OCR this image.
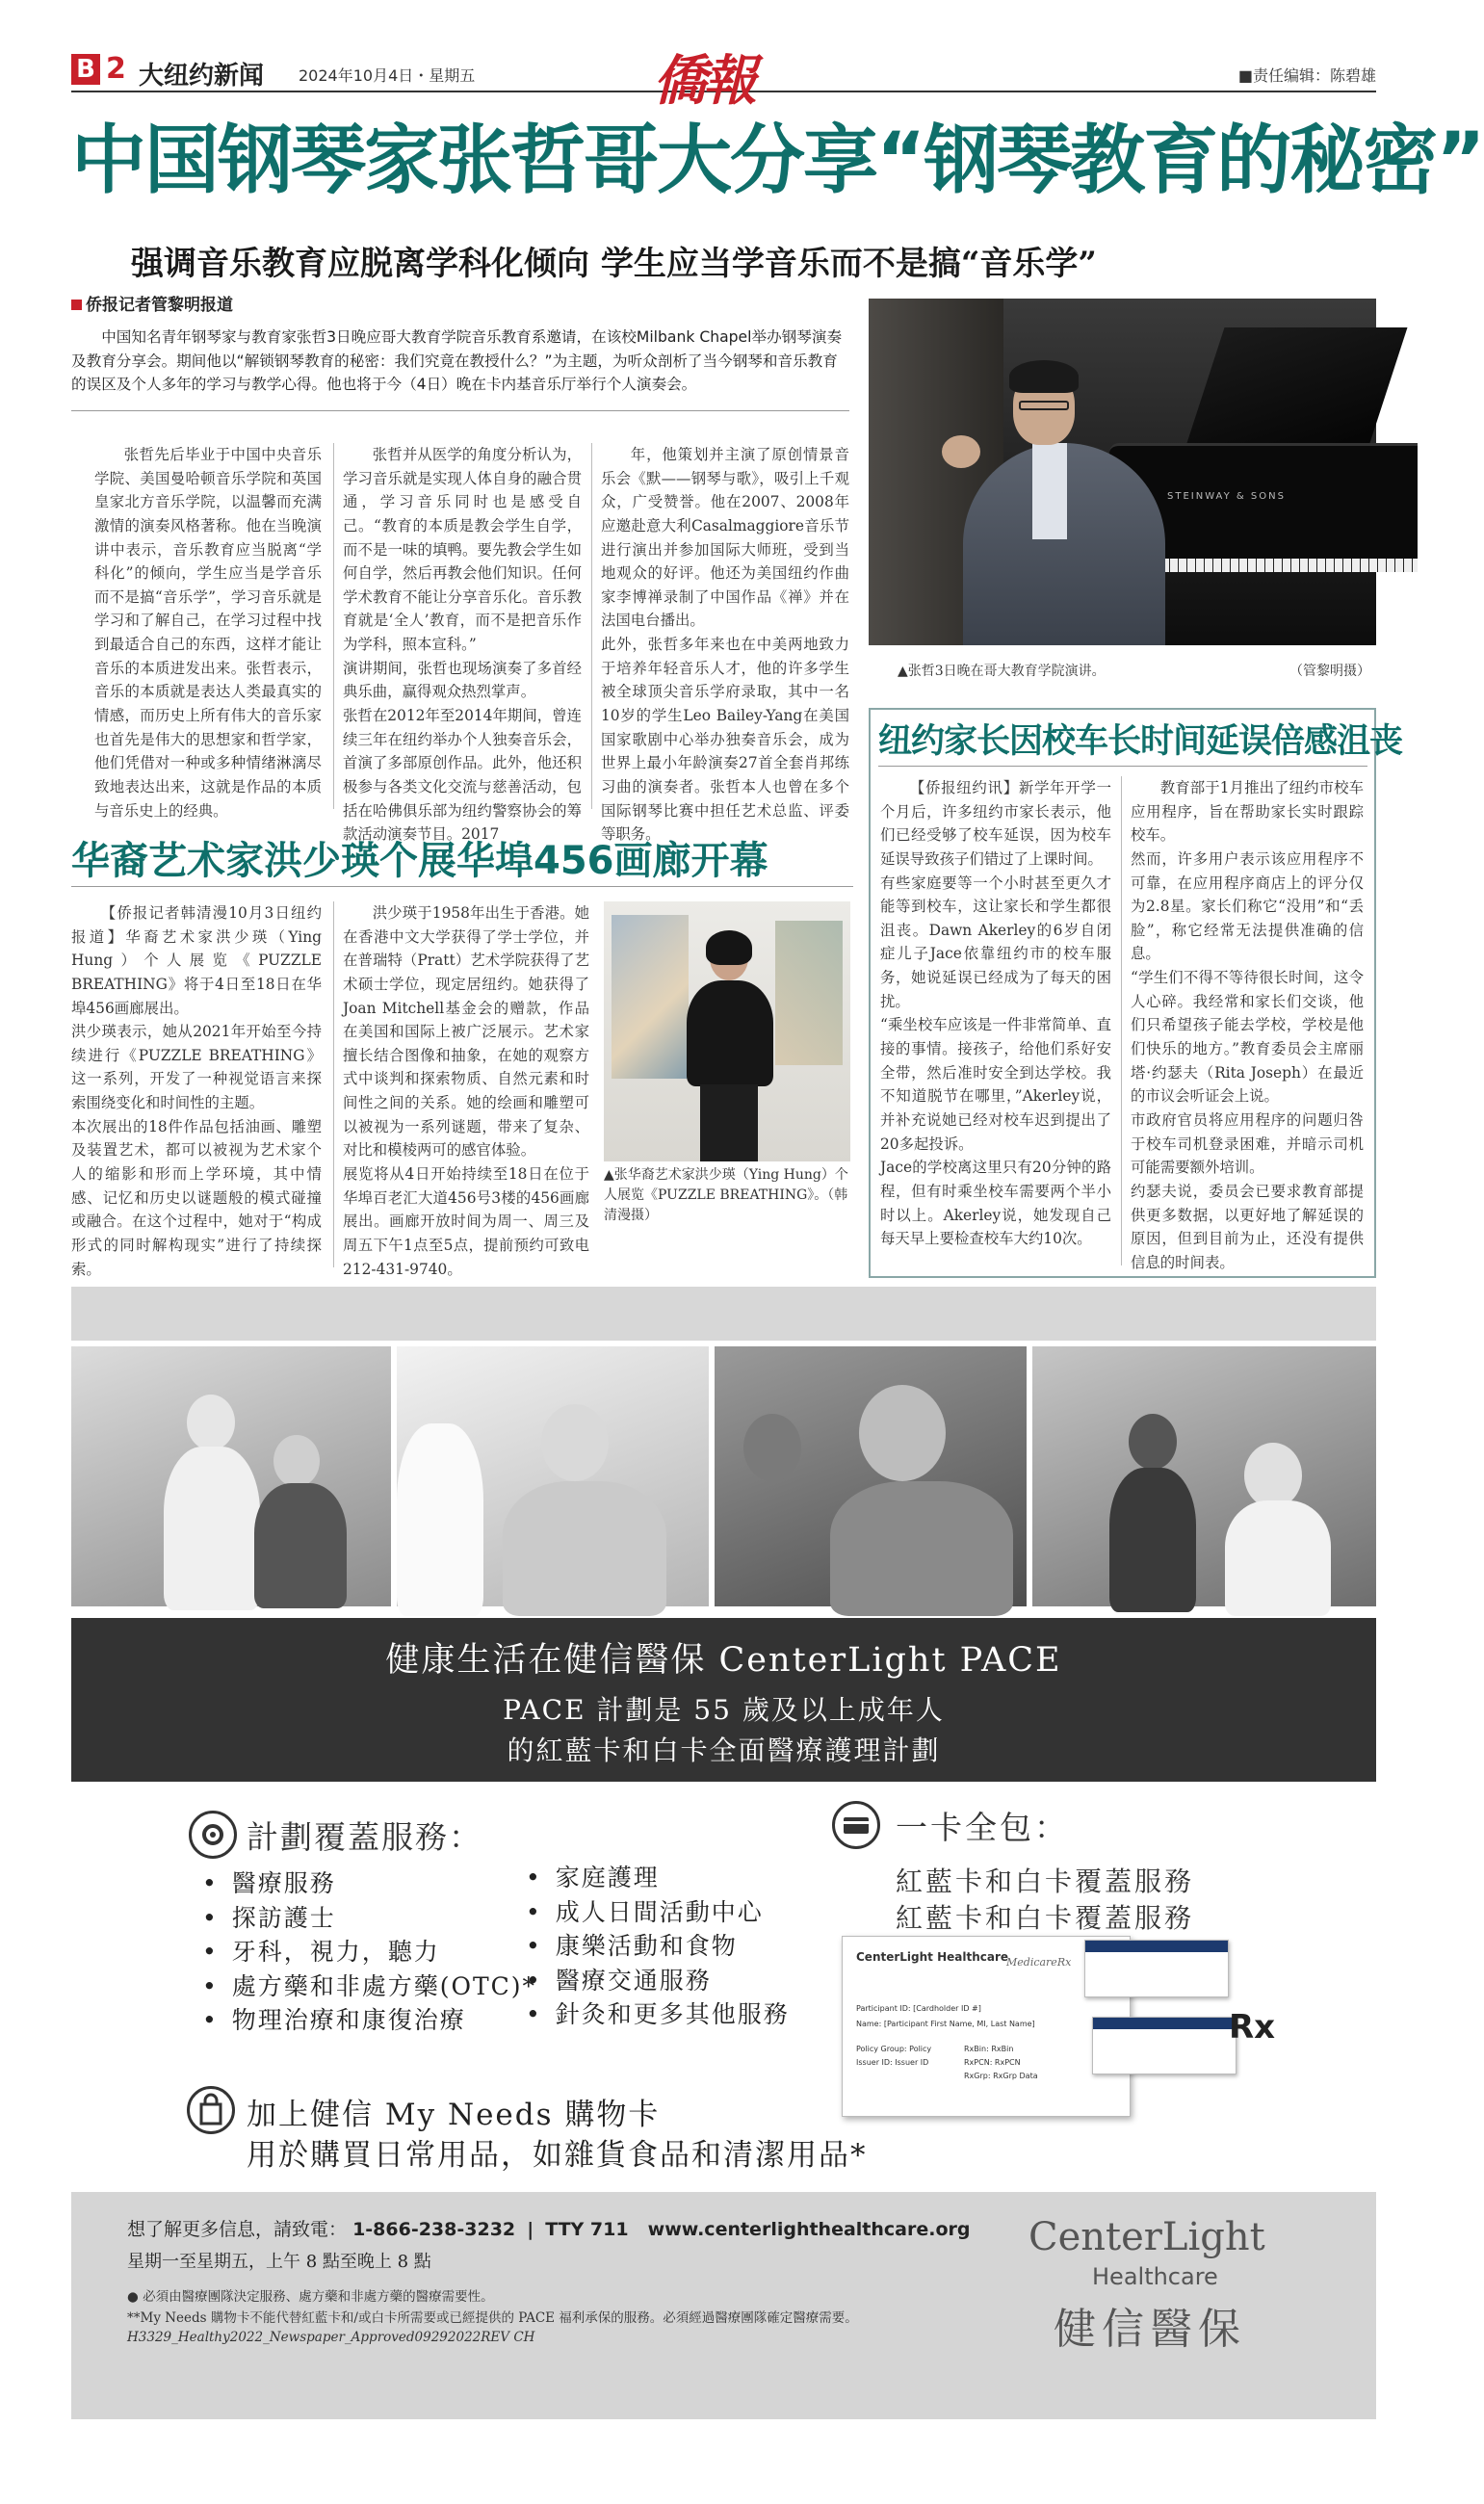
B 2 大纽约新闻 2024年10月4日・星期五	僑報	■责任编辑：陈碧雄
中国钢琴家张哲哥大分享“钢琴教育的秘密”
强调音乐教育应脱离学科化倾向 学生应当学音乐而不是搞“音乐学”
侨报记者管黎明报道

中国知名青年钢琴家与教育家张哲3日晚应哥大教育学院音乐教育系邀请，在该校Milbank Chapel举办钢琴演奏及教育分享会。期间他以“解锁钢琴教育的秘密：我们究竟在教授什么？”为主题，为听众剖析了当今钢琴和音乐教育的误区及个人多年的学习与教学心得。他也将于今（4日）晚在卡内基音乐厅举行个人演奏会。

张哲先后毕业于中国中央音乐学院、美国曼哈顿音乐学院和英国皇家北方音乐学院，以温馨而充满激情的演奏风格著称。他在当晚演讲中表示，音乐教育应当脱离“学科化”的倾向，学生应当是学音乐而不是搞“音乐学”，学习音乐就是学习和了解自己，在学习过程中找到最适合自己的东西，这样才能让音乐的本质进发出来。张哲表示，音乐的本质就是表达人类最真实的情感，而历史上所有伟大的音乐家也首先是伟大的思想家和哲学家，他们凭借对一种或多种情绪淋漓尽致地表达出来，这就是作品的本质与音乐史上的经典。

张哲并从医学的角度分析认为，学习音乐就是实现人体自身的融合贯通，学习音乐同时也是感受自己。“教育的本质是教会学生自学，而不是一味的填鸭。要先教会学生如何自学，然后再教会他们知识。任何学术教育不能让分享音乐化。音乐教育就是‘全人’教育，而不是把音乐作为学科，照本宣科。”
演讲期间，张哲也现场演奏了多首经典乐曲，赢得观众热烈掌声。
张哲在2012年至2014年期间，曾连续三年在纽约举办个人独奏音乐会，首演了多部原创作品。此外，他还积极参与各类文化交流与慈善活动，包括在哈佛俱乐部为纽约警察协会的筹款活动演奏节目。2017

年，他策划并主演了原创情景音乐会《默——钢琴与歌》，吸引上千观众，广受赞誉。他在2007、2008年应邀赴意大利Casalmaggiore音乐节进行演出并参加国际大师班，受到当地观众的好评。他还为美国纽约作曲家李博禅录制了中国作品《禅》并在法国电台播出。
此外，张哲多年来也在中美两地致力于培养年轻音乐人才，他的许多学生被全球顶尖音乐学府录取，其中一名10岁的学生Leo Bailey-Yang在美国国家歌剧中心举办独奏音乐会，成为世界上最小年龄演奏27首全套肖邦练习曲的演奏者。张哲本人也曾在多个国际钢琴比赛中担任艺术总监、评委等职务。

STEINWAY & SONS
▲张哲3日晚在哥大教育学院演讲。	（管黎明摄）
华裔艺术家洪少瑛个展华埠456画廊开幕

【侨报记者韩清漫10月3日纽约报道】华裔艺术家洪少瑛（Ying Hung）个人展览《PUZZLE BREATHING》将于4日至18日在华埠456画廊展出。
洪少瑛表示，她从2021年开始至今持续进行《PUZZLE BREATHING》这一系列，开发了一种视觉语言来探索围绕变化和时间性的主题。
本次展出的18件作品包括油画、雕塑及装置艺术，都可以被视为艺术家个人的缩影和形而上学环境，其中情感、记忆和历史以谜题般的模式碰撞或融合。在这个过程中，她对于“构成形式的同时解构现实”进行了持续探索。

洪少瑛于1958年出生于香港。她在香港中文大学获得了学士学位，并在普瑞特（Pratt）艺术学院获得了艺术硕士学位，现定居纽约。她获得了Joan Mitchell基金会的赠款，作品在美国和国际上被广泛展示。艺术家擅长结合图像和抽象，在她的观察方式中谈判和探索物质、自然元素和时间性之间的关系。她的绘画和雕塑可以被视为一系列谜题，带来了复杂、对比和模棱两可的感官体验。
展览将从4日开始持续至18日在位于华埠百老汇大道456号3楼的456画廊展出。画廊开放时间为周一、周三及周五下午1点至5点，提前预约可致电212-431-9740。

▲张华裔艺术家洪少瑛（Ying Hung）个人展览《PUZZLE BREATHING》。（韩清漫摄）
纽约家长因校车长时间延误倍感沮丧

【侨报纽约讯】新学年开学一个月后，许多纽约市家长表示，他们已经受够了校车延误，因为校车延误导致孩子们错过了上课时间。
有些家庭要等一个小时甚至更久才能等到校车，这让家长和学生都很沮丧。Dawn Akerley的6岁自闭症儿子Jace依靠纽约市的校车服务，她说延误已经成为了每天的困扰。
“乘坐校车应该是一件非常简单、直接的事情。接孩子，给他们系好安全带，然后准时安全到达学校。我不知道脱节在哪里，”Akerley说，并补充说她已经对校车迟到提出了20多起投诉。
Jace的学校离这里只有20分钟的路程，但有时乘坐校车需要两个半小时以上。Akerley说，她发现自己每天早上要检查校车大约10次。

教育部于1月推出了纽约市校车应用程序，旨在帮助家长实时跟踪校车。
然而，许多用户表示该应用程序不可靠，在应用程序商店上的评分仅为2.8星。家长们称它“没用”和“丢脸”，称它经常无法提供准确的信息。
“学生们不得不等待很长时间，这令人心碎。我经常和家长们交谈，他们只希望孩子能去学校，学校是他们快乐的地方。”教育委员会主席丽塔·约瑟夫（Rita Joseph）在最近的市议会听证会上说。
市政府官员将应用程序的问题归咎于校车司机登录困难，并暗示司机可能需要额外培训。
约瑟夫说，委员会已要求教育部提供更多数据，以更好地了解延误的原因，但到目前为止，还没有提供信息的时间表。

健康生活在健信醫保 CenterLight PACE
PACE 計劃是 55 歲及以上成年人
的紅藍卡和白卡全面醫療護理計劃
計劃覆蓋服務：
• 醫療服務
• 探訪護士
• 牙科，視力，聽力
• 處方藥和非處方藥(OTC)*
• 物理治療和康復治療
• 家庭護理
• 成人日間活動中心
• 康樂活動和食物
• 醫療交通服務
• 針灸和更多其他服務
一卡全包：
紅藍卡和白卡覆蓋服務
紅藍卡和白卡覆蓋服務
CenterLight Healthcare
MedicareRx
Participant ID: [Cardholder ID #]
Name: [Participant First Name, MI, Last Name]
Policy Group: Policy
Issuer ID: Issuer ID
RxBin: RxBin
RxPCN: RxPCN
RxGrp: RxGrp Data
Rx
加上健信 My Needs 購物卡
用於購買日常用品，如雜貨食品和清潔用品*
想了解更多信息，請致電： 1-866-238-3232 | TTY 711 www.centerlighthealthcare.org
星期一至星期五，上午 8 點至晚上 8 點
● 必須由醫療團隊決定服務、處方藥和非處方藥的醫療需要性。
**My Needs 購物卡不能代替紅藍卡和/或白卡所需要或已經提供的 PACE 福利承保的服務。必須經過醫療團隊確定醫療需要。
H3329_Healthy2022_Newspaper_Approved09292022REV CH
CenterLight
Healthcare
健信醫保
